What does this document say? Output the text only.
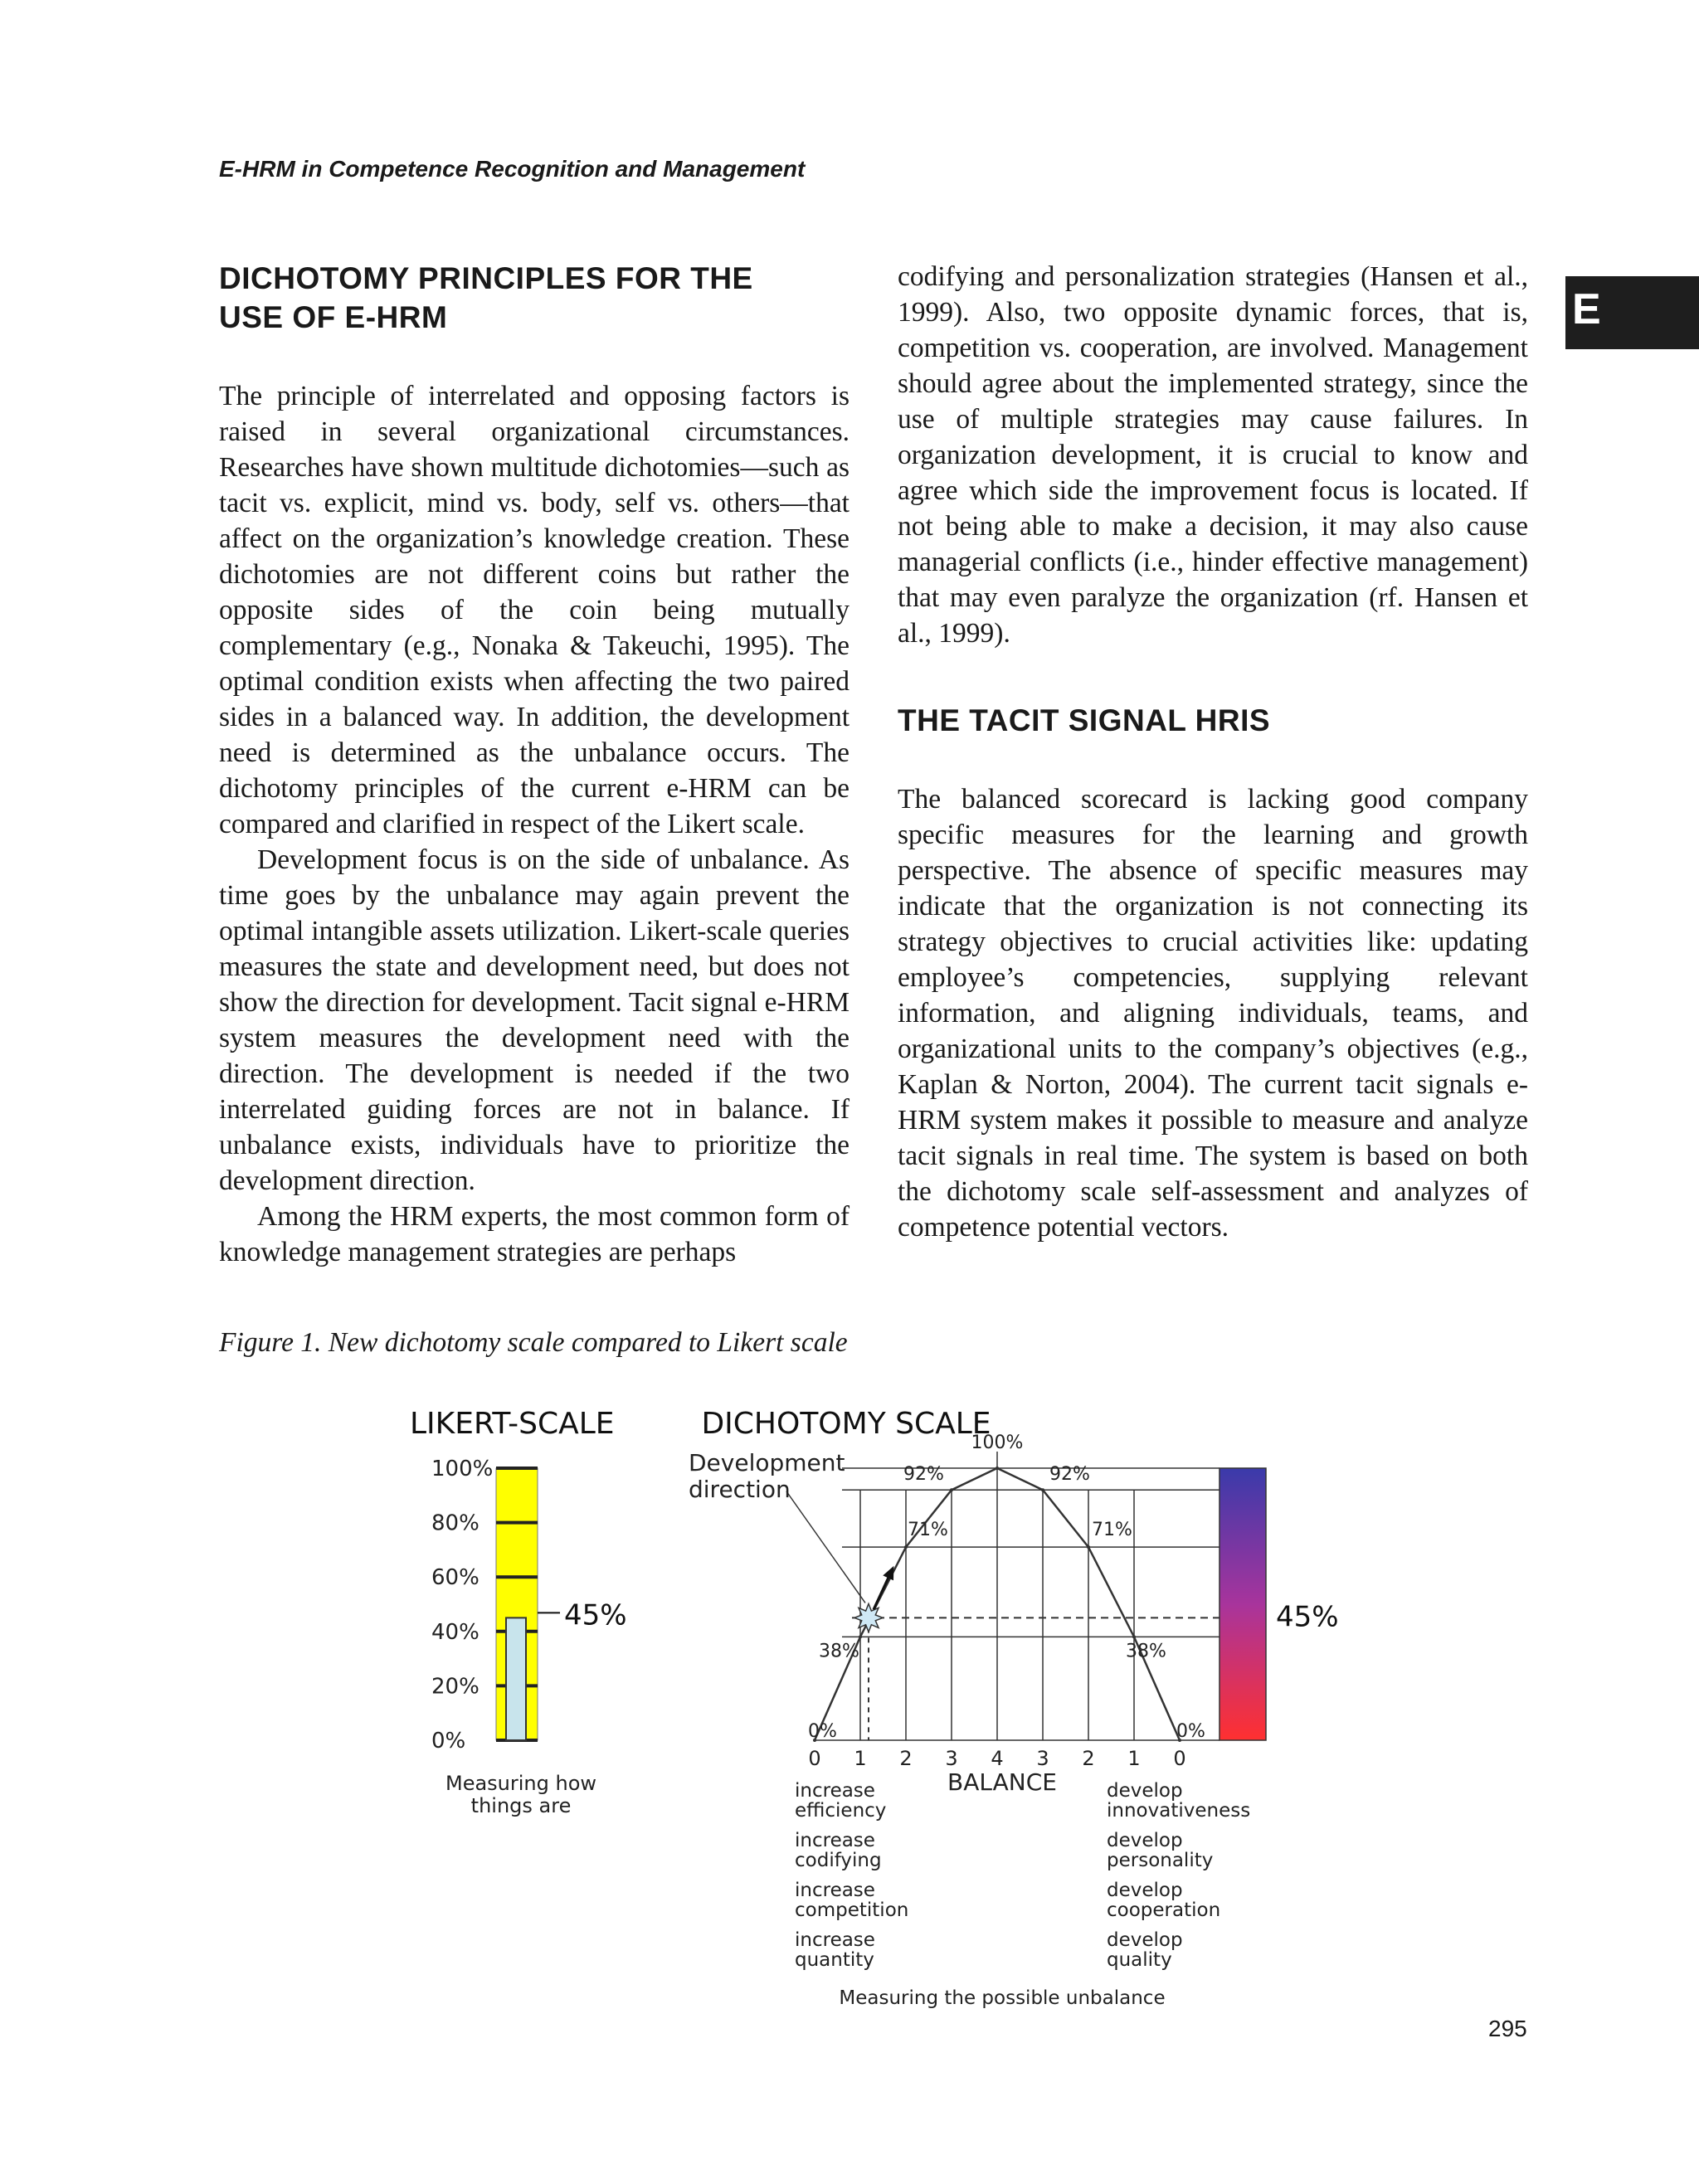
E-HRM in Competence Recognition and Management
E
DICHOTOMY PRINCIPLES FOR THE
USE OF E-HRM

The principle of interrelated and opposing factors is raised in several organizational circumstances. Researches have shown multitude dichotomies—such as tacit vs. explicit, mind vs. body, self vs. others—that affect on the organization’s knowledge creation. These dichotomies are not different coins but rather the opposite sides of the coin being mutually complementary (e.g., Nonaka & Takeuchi, 1995). The optimal condition exists when affecting the two paired sides in a balanced way. In addition, the development need is determined as the unbalance occurs. The dichotomy principles of the current e-HRM can be compared and clarified in respect of the Likert scale.

Development focus is on the side of unbalance. As time goes by the unbalance may again prevent the optimal intangible assets utilization. Likert-scale queries measures the state and development need, but does not show the direction for development. Tacit signal e-HRM system measures the development need with the direction. The development is needed if the two interrelated guiding forces are not in balance. If unbalance exists, individuals have to prioritize the development direction.

Among the HRM experts, the most common form of knowledge management strategies are perhaps

codifying and personalization strategies (Hansen et al., 1999). Also, two opposite dynamic forces, that is, competition vs. cooperation, are involved. Management should agree about the implemented strategy, since the use of multiple strategies may cause failures. In organization development, it is crucial to know and agree which side the improvement focus is located. If not being able to make a decision, it may also cause managerial conflicts (i.e., hinder effective management) that may even paralyze the organization (rf. Hansen et al., 1999).

THE TACIT SIGNAL HRIS

The balanced scorecard is lacking good company specific measures for the learning and growth perspective. The absence of specific measures may indicate that the organization is not connecting its strategy objectives to crucial activities like: updating employee’s competencies, supplying relevant information, and aligning individuals, teams, and organizational units to the company’s objectives (e.g., Kaplan & Norton, 2004). The current tacit signals e-HRM system makes it possible to measure and analyze tacit signals in real time. The system is based on both the dichotomy scale self-assessment and analyzes of competence potential vectors.

Figure 1. New dichotomy scale compared to Likert scale
LIKERT-SCALE
100%
80%
60%
40%
20%
0%
45%
Measuring how
things are
DICHOTOMY SCALE
0%
38%
71%
92%
100%
92%
71%
38%
0%
0 1 2 3 4 3 2 1 0
Development
direction
45%
BALANCE
increase
efficiency
increase
codifying
increase
competition
increase
quantity
develop
innovativeness
develop
personality
develop
cooperation
develop
quality
Measuring the possible unbalance
295
